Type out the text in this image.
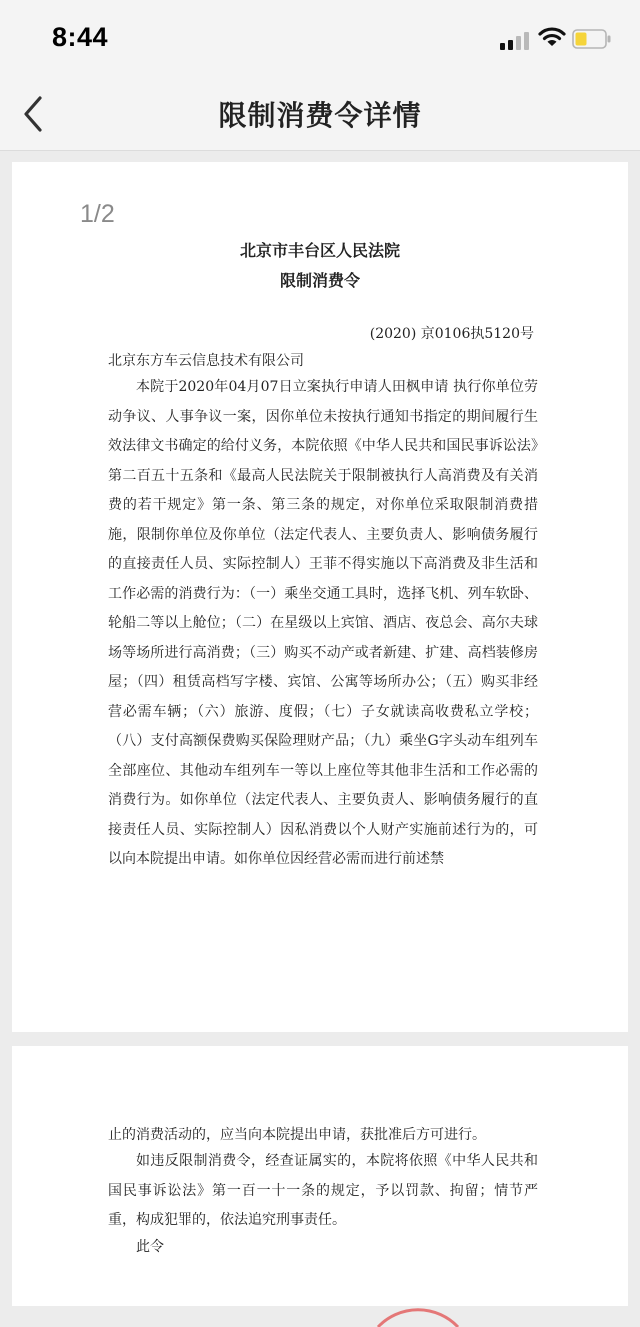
8:44
限制消费令详情
1/2
北京市丰台区人民法院
限制消费令
(2020) 京0106执5120号
北京东方车云信息技术有限公司

本院于2020年04月07日立案执行申请人田枫申请 执行你单位劳动争议、人事争议一案，因你单位未按执行通知书指定的期间履行生效法律文书确定的给付义务，本院依照《中华人民共和国民事诉讼法》第二百五十五条和《最高人民法院关于限制被执行人高消费及有关消费的若干规定》第一条、第三条的规定，对你单位采取限制消费措施，限制你单位及你单位（法定代表人、主要负责人、影响债务履行的直接责任人员、实际控制人）王菲不得实施以下高消费及非生活和工作必需的消费行为：（一）乘坐交通工具时，选择飞机、列车软卧、轮船二等以上舱位；（二）在星级以上宾馆、酒店、夜总会、高尔夫球场等场所进行高消费；（三）购买不动产或者新建、扩建、高档装修房屋；（四）租赁高档写字楼、宾馆、公寓等场所办公；（五）购买非经营必需车辆；（六）旅游、度假；（七）子女就读高收费私立学校；（八）支付高额保费购买保险理财产品；（九）乘坐G字头动车组列车全部座位、其他动车组列车一等以上座位等其他非生活和工作必需的消费行为。如你单位（法定代表人、主要负责人、影响债务履行的直接责任人员、实际控制人）因私消费以个人财产实施前述行为的，可以向本院提出申请。如你单位因经营必需而进行前述禁

止的消费活动的，应当向本院提出申请，获批准后方可进行。

如违反限制消费令，经查证属实的，本院将依照《中华人民共和国民事诉讼法》第一百一十一条的规定，予以罚款、拘留；情节严重，构成犯罪的，依法追究刑事责任。

此令
